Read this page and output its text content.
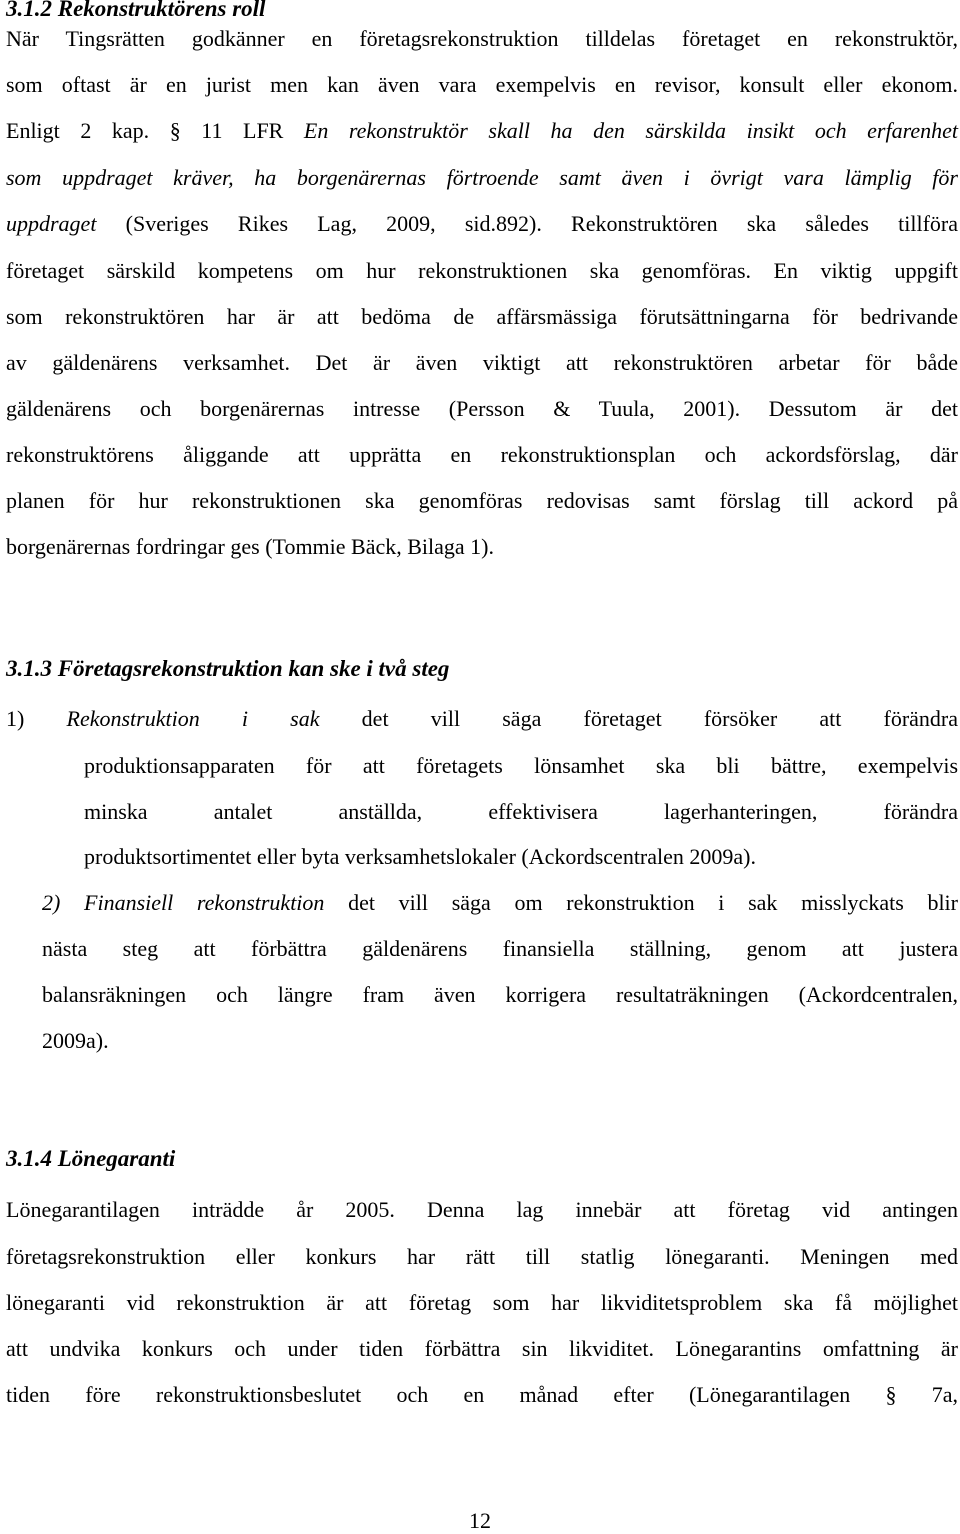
3.1.2 Rekonstruktörens roll
När Tingsrätten godkänner en företagsrekonstruktion tilldelas företaget en rekonstruktör,
som oftast är en jurist men kan även vara exempelvis en revisor, konsult eller ekonom.
Enligt 2 kap. § 11 LFR En rekonstruktör skall ha den särskilda insikt och erfarenhet
som uppdraget kräver, ha borgenärernas förtroende samt även i övrigt vara lämplig för
uppdraget (Sveriges Rikes Lag, 2009, sid.892). Rekonstruktören ska således tillföra
företaget särskild kompetens om hur rekonstruktionen ska genomföras. En viktig uppgift
som rekonstruktören har är att bedöma de affärsmässiga förutsättningarna för bedrivande
av gäldenärens verksamhet. Det är även viktigt att rekonstruktören arbetar för både
gäldenärens och borgenärernas intresse (Persson & Tuula, 2001). Dessutom är det
rekonstruktörens åliggande att upprätta en rekonstruktionsplan och ackordsförslag, där
planen för hur rekonstruktionen ska genomföras redovisas samt förslag till ackord på
borgenärernas fordringar ges (Tommie Bäck, Bilaga 1).
3.1.3 Företagsrekonstruktion kan ske i två steg
1) Rekonstruktion i sak det vill säga företaget försöker att förändra
produktionsapparaten för att företagets lönsamhet ska bli bättre, exempelvis
minska antalet anställda, effektivisera lagerhanteringen, förändra
produktsortimentet eller byta verksamhetslokaler (Ackordscentralen 2009a).
2) Finansiell rekonstruktion det vill säga om rekonstruktion i sak misslyckats blir
nästa steg att förbättra gäldenärens finansiella ställning, genom att justera
balansräkningen och längre fram även korrigera resultaträkningen (Ackordcentralen,
2009a).
3.1.4 Lönegaranti
Lönegarantilagen inträdde år 2005. Denna lag innebär att företag vid antingen
företagsrekonstruktion eller konkurs har rätt till statlig lönegaranti. Meningen med
lönegaranti vid rekonstruktion är att företag som har likviditetsproblem ska få möjlighet
att undvika konkurs och under tiden förbättra sin likviditet. Lönegarantins omfattning är
tiden före rekonstruktionsbeslutet och en månad efter (Lönegarantilagen § 7a,
12
